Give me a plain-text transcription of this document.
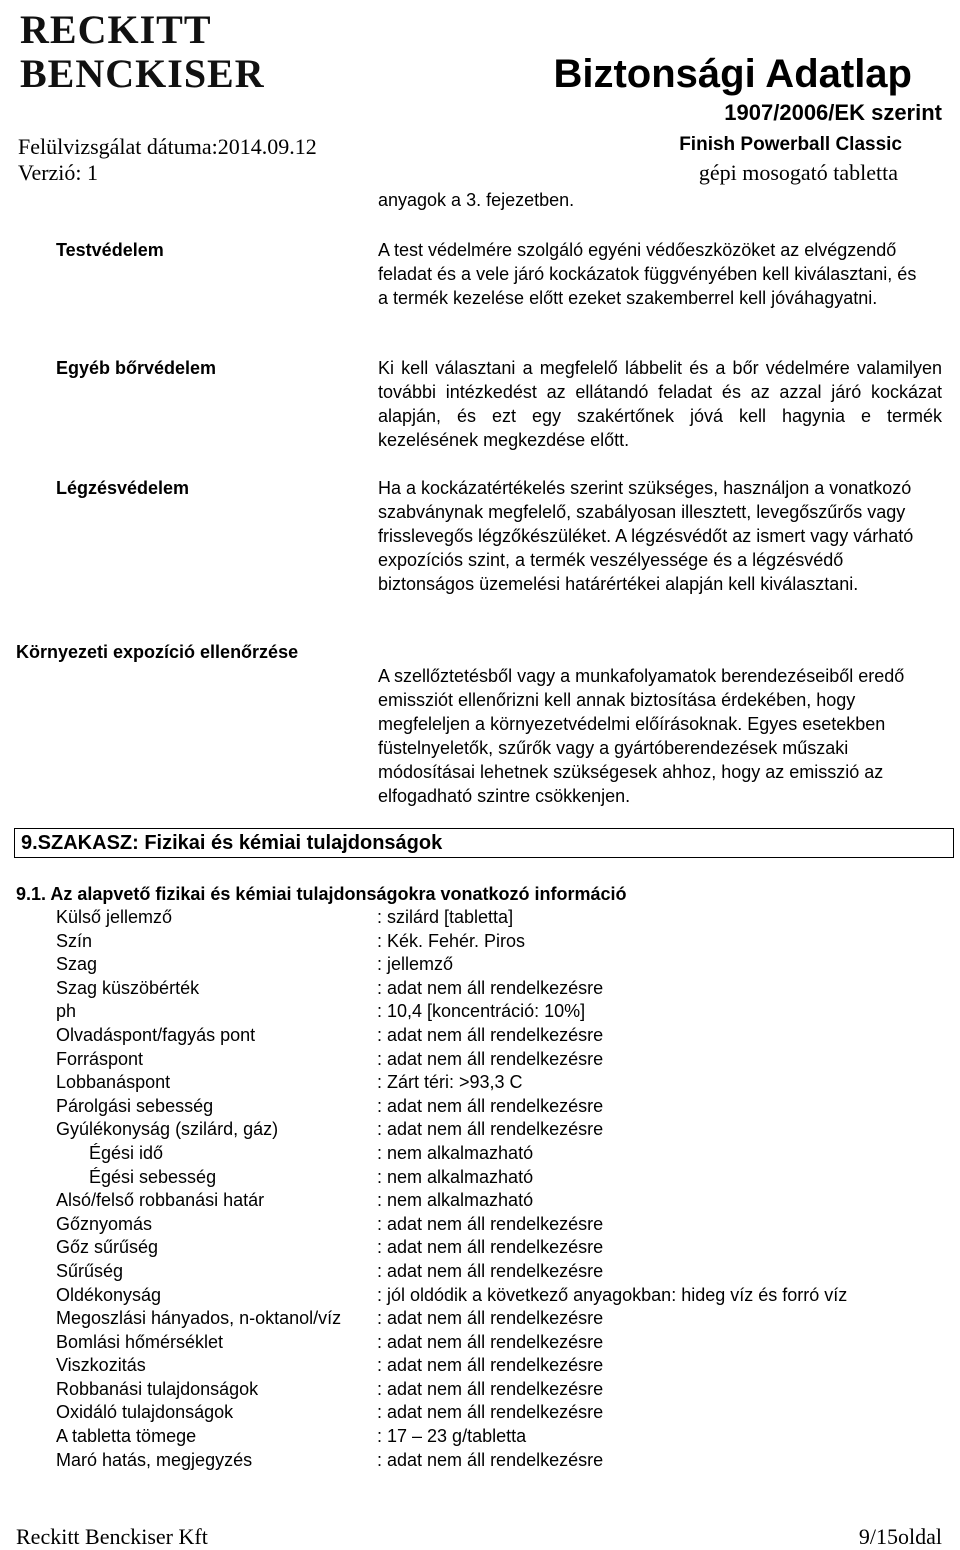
RECKITT
BENCKISER	Biztonsági Adatlap
1907/2006/EK szerint
Finish Powerball Classic
gépi mosogató tabletta
Felülvizsgálat dátuma:2014.09.12
Verzió: 1
anyagok a 3. fejezetben.
Testvédelem	A test védelmére szolgáló egyéni védőeszközöket az elvégzendő feladat és a vele járó kockázatok függvényében kell kiválasztani, és a termék kezelése előtt ezeket szakemberrel kell jóváhagyatni.
Egyéb bőrvédelem	Ki kell választani a megfelelő lábbelit és a bőr védelmére valamilyen további intézkedést az ellátandó feladat és az azzal járó kockázat alapján, és ezt egy szakértőnek jóvá kell hagynia e termék kezelésének megkezdése előtt.
Légzésvédelem	Ha a kockázatértékelés szerint szükséges, használjon a vonatkozó szabványnak megfelelő, szabályosan illesztett, levegőszűrős vagy frisslevegős légzőkészüléket. A légzésvédőt az ismert vagy várható expozíciós szint, a termék veszélyessége és a légzésvédő biztonságos üzemelési határértékei alapján kell kiválasztani.
Környezeti expozíció ellenőrzése
A szellőztetésből vagy a munkafolyamatok berendezéseiből eredő emissziót ellenőrizni kell annak biztosítása érdekében, hogy megfeleljen a környezetvédelmi előírásoknak. Egyes esetekben füstelnyeletők, szűrők vagy a gyártóberendezések műszaki módosításai lehetnek szükségesek ahhoz, hogy az emisszió az elfogadható szintre csökkenjen.
9.SZAKASZ: Fizikai és kémiai tulajdonságok
9.1. Az alapvető fizikai és kémiai tulajdonságokra vonatkozó információ
Külső jellemző	: szilárd [tabletta]
Szín	: Kék. Fehér. Piros
Szag	: jellemző
Szag küszöbérték	: adat nem áll rendelkezésre
ph	: 10,4 [koncentráció: 10%]
Olvadáspont/fagyás pont	: adat nem áll rendelkezésre
Forráspont	: adat nem áll rendelkezésre
Lobbanáspont	: Zárt téri: >93,3 C
Párolgási sebesség	: adat nem áll rendelkezésre
Gyúlékonyság (szilárd, gáz)	: adat nem áll rendelkezésre
Égési idő	: nem alkalmazható
Égési sebesség	: nem alkalmazható
Alsó/felső robbanási határ	: nem alkalmazható
Gőznyomás	: adat nem áll rendelkezésre
Gőz sűrűség	: adat nem áll rendelkezésre
Sűrűség	: adat nem áll rendelkezésre
Oldékonyság	: jól oldódik a következő anyagokban: hideg víz és forró víz
Megoszlási hányados, n-oktanol/víz : adat nem áll rendelkezésre
Bomlási hőmérséklet	: adat nem áll rendelkezésre
Viszkozitás	: adat nem áll rendelkezésre
Robbanási tulajdonságok	: adat nem áll rendelkezésre
Oxidáló tulajdonságok	: adat nem áll rendelkezésre
A tabletta tömege	: 17 – 23 g/tabletta
Maró hatás, megjegyzés	: adat nem áll rendelkezésre
Reckitt Benckiser Kft	9/15oldal
